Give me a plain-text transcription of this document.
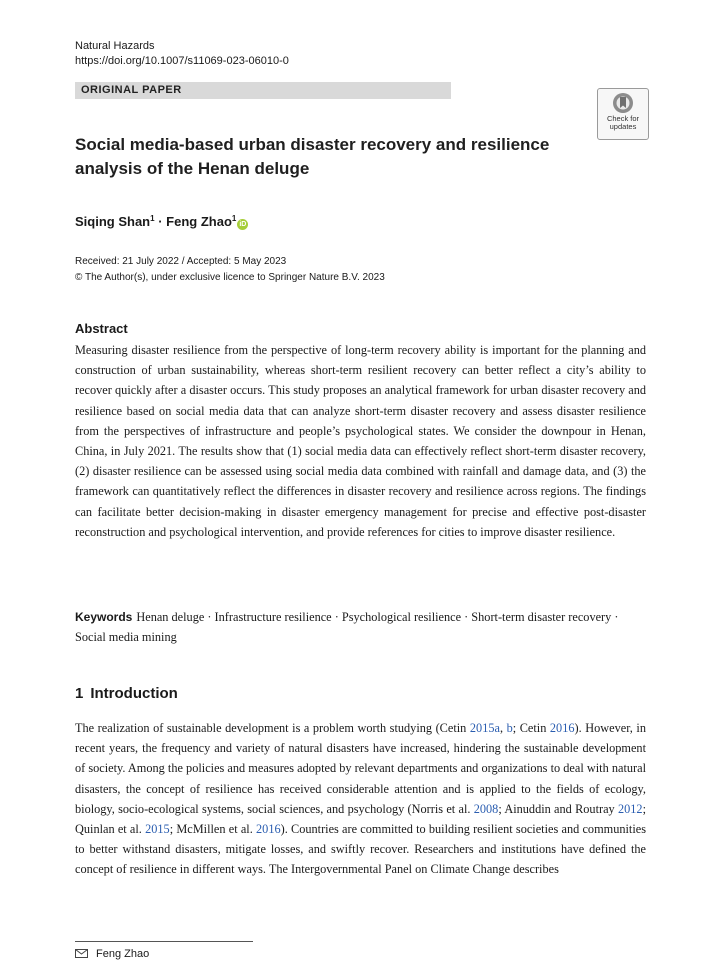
Natural Hazards
https://doi.org/10.1007/s11069-023-06010-0
ORIGINAL PAPER
Check for updates
Social media-based urban disaster recovery and resilience analysis of the Henan deluge
Siqing Shan$^1$ · Feng Zhao$^1$iD
Received: 21 July 2022 / Accepted: 5 May 2023
© The Author(s), under exclusive licence to Springer Nature B.V. 2023
Abstract

Measuring disaster resilience from the perspective of long-term recovery ability is important for the planning and construction of urban sustainability, whereas short-term resilient recovery can better reflect a city’s ability to recover quickly after a disaster occurs. This study proposes an analytical framework for urban disaster recovery and resilience based on social media data that can analyze short-term disaster recovery and assess disaster resilience from the perspectives of infrastructure and people’s psychological states. We consider the downpour in Henan, China, in July 2021. The results show that (1) social media data can effectively reflect short-term disaster recovery, (2) disaster resilience can be assessed using social media data combined with rainfall and damage data, and (3) the framework can quantitatively reflect the differences in disaster recovery and resilience across regions. The findings can facilitate better decision-making in disaster emergency management for precise and effective post-disaster reconstruction and psychological intervention, and provide references for cities to improve disaster resilience.

Keywords Henan deluge · Infrastructure resilience · Psychological resilience · Short-term disaster recovery · Social media mining

1 Introduction

The realization of sustainable development is a problem worth studying (Cetin 2015a, b; Cetin 2016). However, in recent years, the frequency and variety of natural disasters have increased, hindering the sustainable development of society. Among the policies and measures adopted by relevant departments and organizations to deal with natural disasters, the concept of resilience has received considerable attention and is applied to the fields of ecology, biology, socio-ecological systems, social sciences, and psychology (Norris et al. 2008; Ainuddin and Routray 2012; Quinlan et al. 2015; McMillen et al. 2016). Countries are committed to building resilient societies and communities to better withstand disasters, mitigate losses, and swiftly recover. Researchers and institutions have defined the concept of resilience in different ways. The Intergovernmental Panel on Climate Change describes

Feng Zhao
